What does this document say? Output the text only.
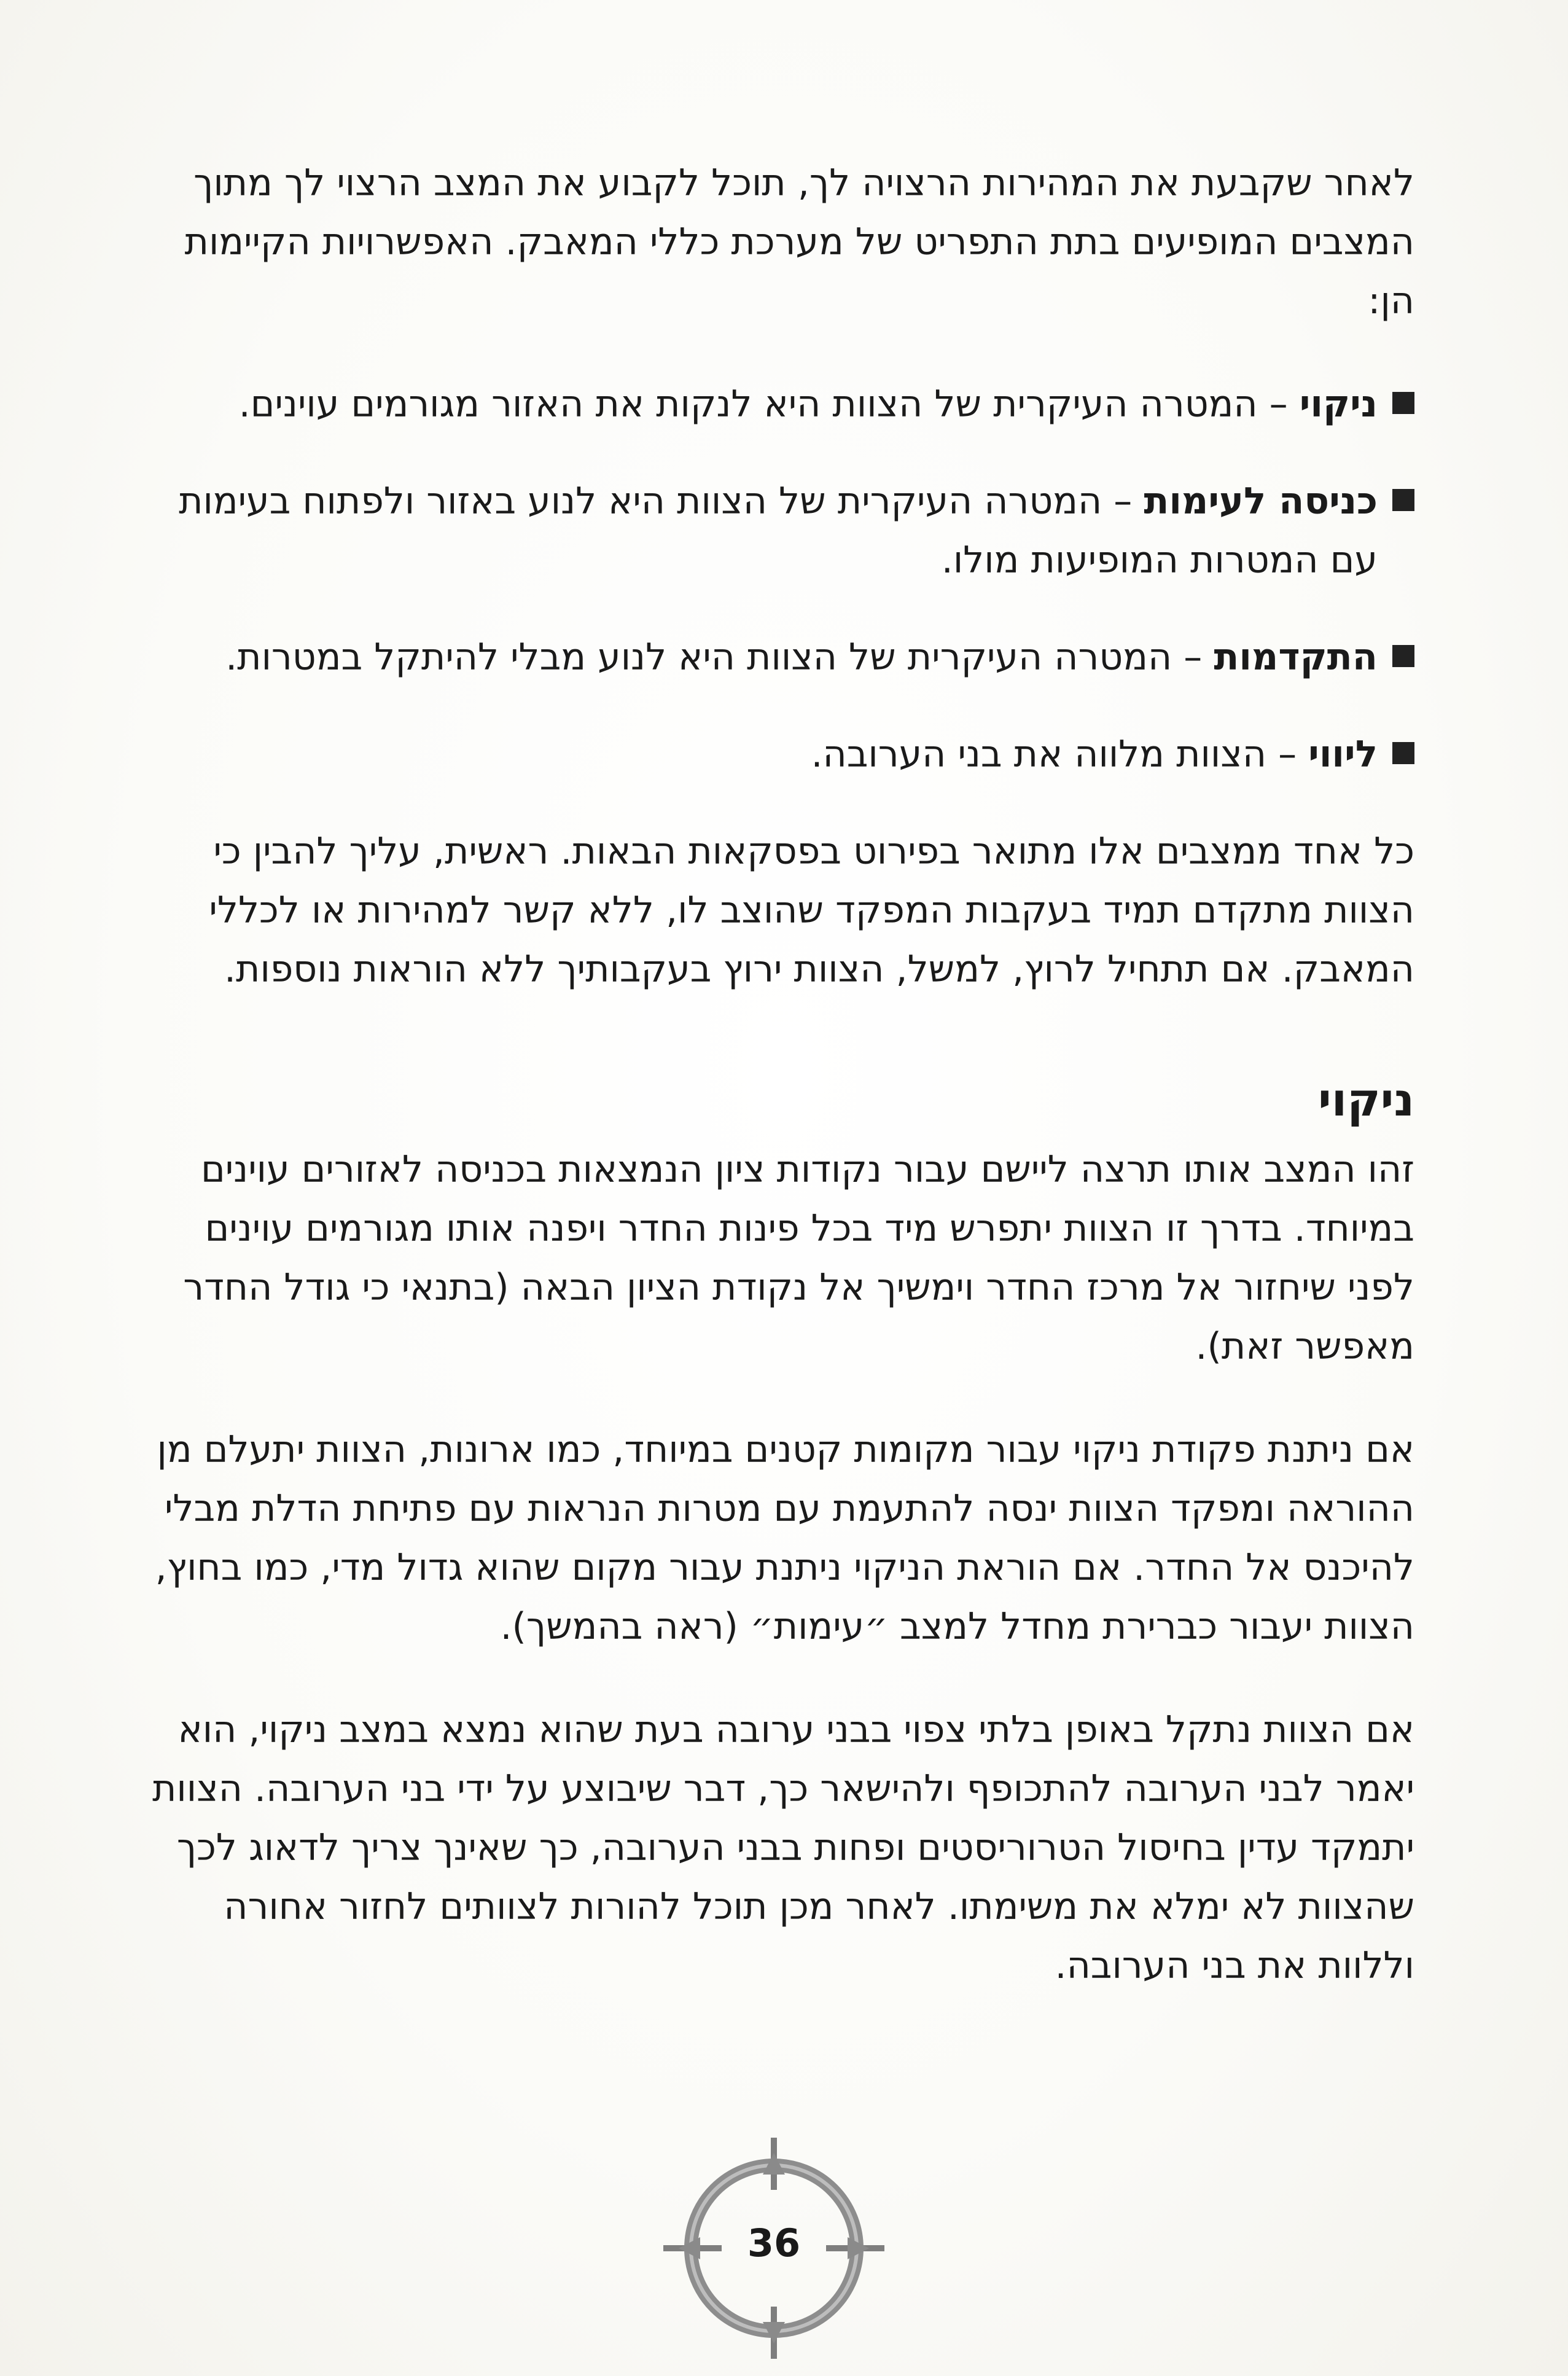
לאחר שקבעת את המהירות הרצויה לך, תוכל לקבוע את המצב הרצוי לך מתוך המצבים המופיעים בתת התפריט של מערכת כללי המאבק. האפשרויות הקיימות הן:

ניקוי – המטרה העיקרית של הצוות היא לנקות את האזור מגורמים עוינים.
כניסה לעימות – המטרה העיקרית של הצוות היא לנוע באזור ולפתוח בעימות עם המטרות המופיעות מולו.
התקדמות – המטרה העיקרית של הצוות היא לנוע מבלי להיתקל במטרות.
ליווי – הצוות מלווה את בני הערובה.

כל אחד ממצבים אלו מתואר בפירוט בפסקאות הבאות. ראשית, עליך להבין כי הצוות מתקדם תמיד בעקבות המפקד שהוצב לו, ללא קשר למהירות או לכללי המאבק. אם תתחיל לרוץ, למשל, הצוות ירוץ בעקבותיך ללא הוראות נוספות.

ניקוי

זהו המצב אותו תרצה ליישם עבור נקודות ציון הנמצאות בכניסה לאזורים עוינים במיוחד. בדרך זו הצוות יתפרש מיד בכל פינות החדר ויפנה אותו מגורמים עוינים לפני שיחזור אל מרכז החדר וימשיך אל נקודת הציון הבאה (בתנאי כי גודל החדר מאפשר זאת).

אם ניתנת פקודת ניקוי עבור מקומות קטנים במיוחד, כמו ארונות, הצוות יתעלם מן ההוראה ומפקד הצוות ינסה להתעמת עם מטרות הנראות עם פתיחת הדלת מבלי להיכנס אל החדר. אם הוראת הניקוי ניתנת עבור מקום שהוא גדול מדי, כמו בחוץ, הצוות יעבור כברירת מחדל למצב ״עימות״ (ראה בהמשך).

אם הצוות נתקל באופן בלתי צפוי בבני ערובה בעת שהוא נמצא במצב ניקוי, הוא יאמר לבני הערובה להתכופף ולהישאר כך, דבר שיבוצע על ידי בני הערובה. הצוות יתמקד עדין בחיסול הטרוריסטים ופחות בבני הערובה, כך שאינך צריך לדאוג לכך שהצוות לא ימלא את משימתו. לאחר מכן תוכל להורות לצוותים לחזור אחורה וללוות את בני הערובה.

36
